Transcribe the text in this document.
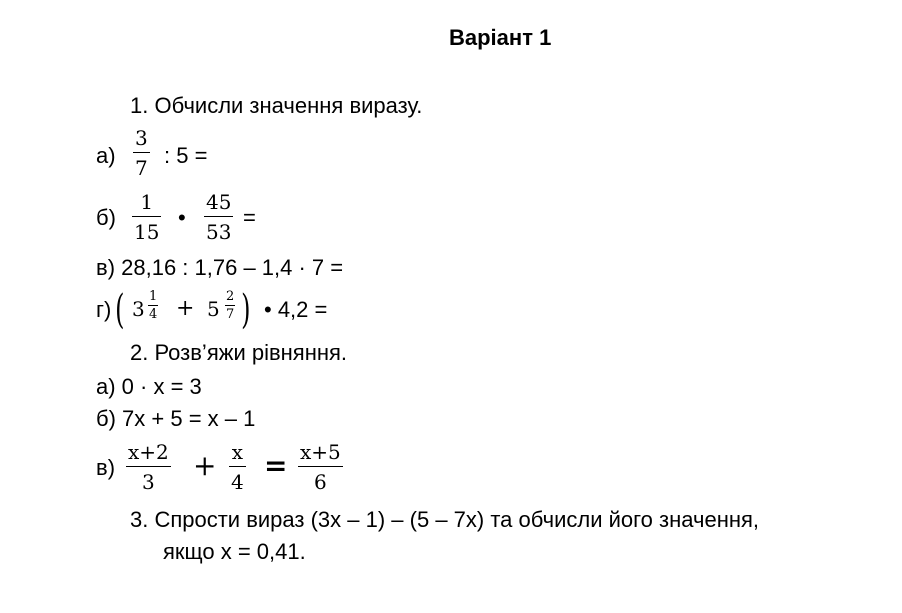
Варіант 1
1. Обчисли значення виразу.
а)
3
7 : 5 =
б)
1
15
•
45
53
=
в) 28,16 : 1,76 – 1,4 · 7 =
г) ( 3
1
4 + 5
2
7 ) • 4,2 =
2. Розв’яжи рівняння.
а) 0 · х = 3
б) 7х + 5 = х – 1
в)
x+2
3 + x
4 = x+5
6
3. Спрости вираз (3х – 1) – (5 – 7х) та обчисли його значення,
якщо х = 0,41.
